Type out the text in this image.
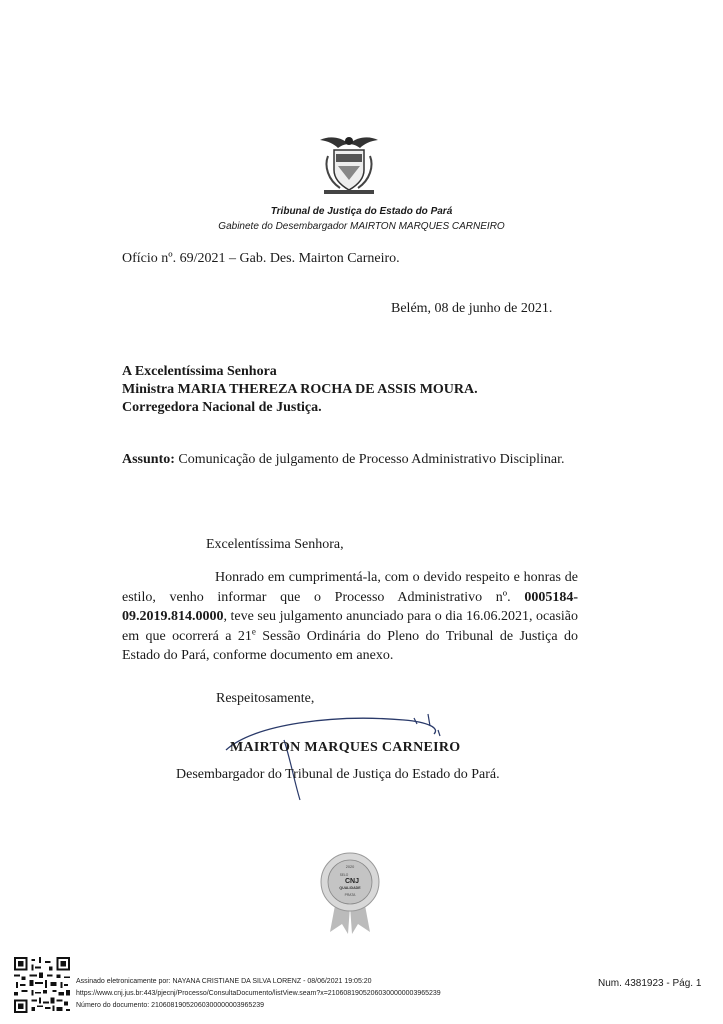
Tribunal de Justiça do Estado do Pará
Gabinete do Desembargador MAIRTON MARQUES CARNEIRO
Ofício nº. 69/2021 – Gab. Des. Mairton Carneiro.
Belém, 08 de junho de 2021.
A Excelentíssima Senhora
Ministra MARIA THEREZA ROCHA DE ASSIS MOURA.
Corregedora Nacional de Justiça.
Assunto: Comunicação de julgamento de Processo Administrativo Disciplinar.
Excelentíssima Senhora,
Honrado em cumprimentá-la, com o devido respeito e honras de estilo, venho informar que o Processo Administrativo nº. 0005184-09.2019.814.0000, teve seu julgamento anunciado para o dia 16.06.2021, ocasião em que ocorrerá a 21e Sessão Ordinária do Pleno do Tribunal de Justiça do Estado do Pará, conforme documento em anexo.
Respeitosamente,
MAIRTON MARQUES CARNEIRO
Desembargador do Tribunal de Justiça do Estado do Pará.
2020
SELO
CNJ
QUALIDADE
PRATA
Assinado eletronicamente por: NAYANA CRISTIANE DA SILVA LORENZ - 08/06/2021 19:05:20
https://www.cnj.jus.br:443/pjecnj/Processo/ConsultaDocumento/listView.seam?x=21060819052060300000003965239
Número do documento: 21060819052060300000003965239
Num. 4381923 - Pág. 1
